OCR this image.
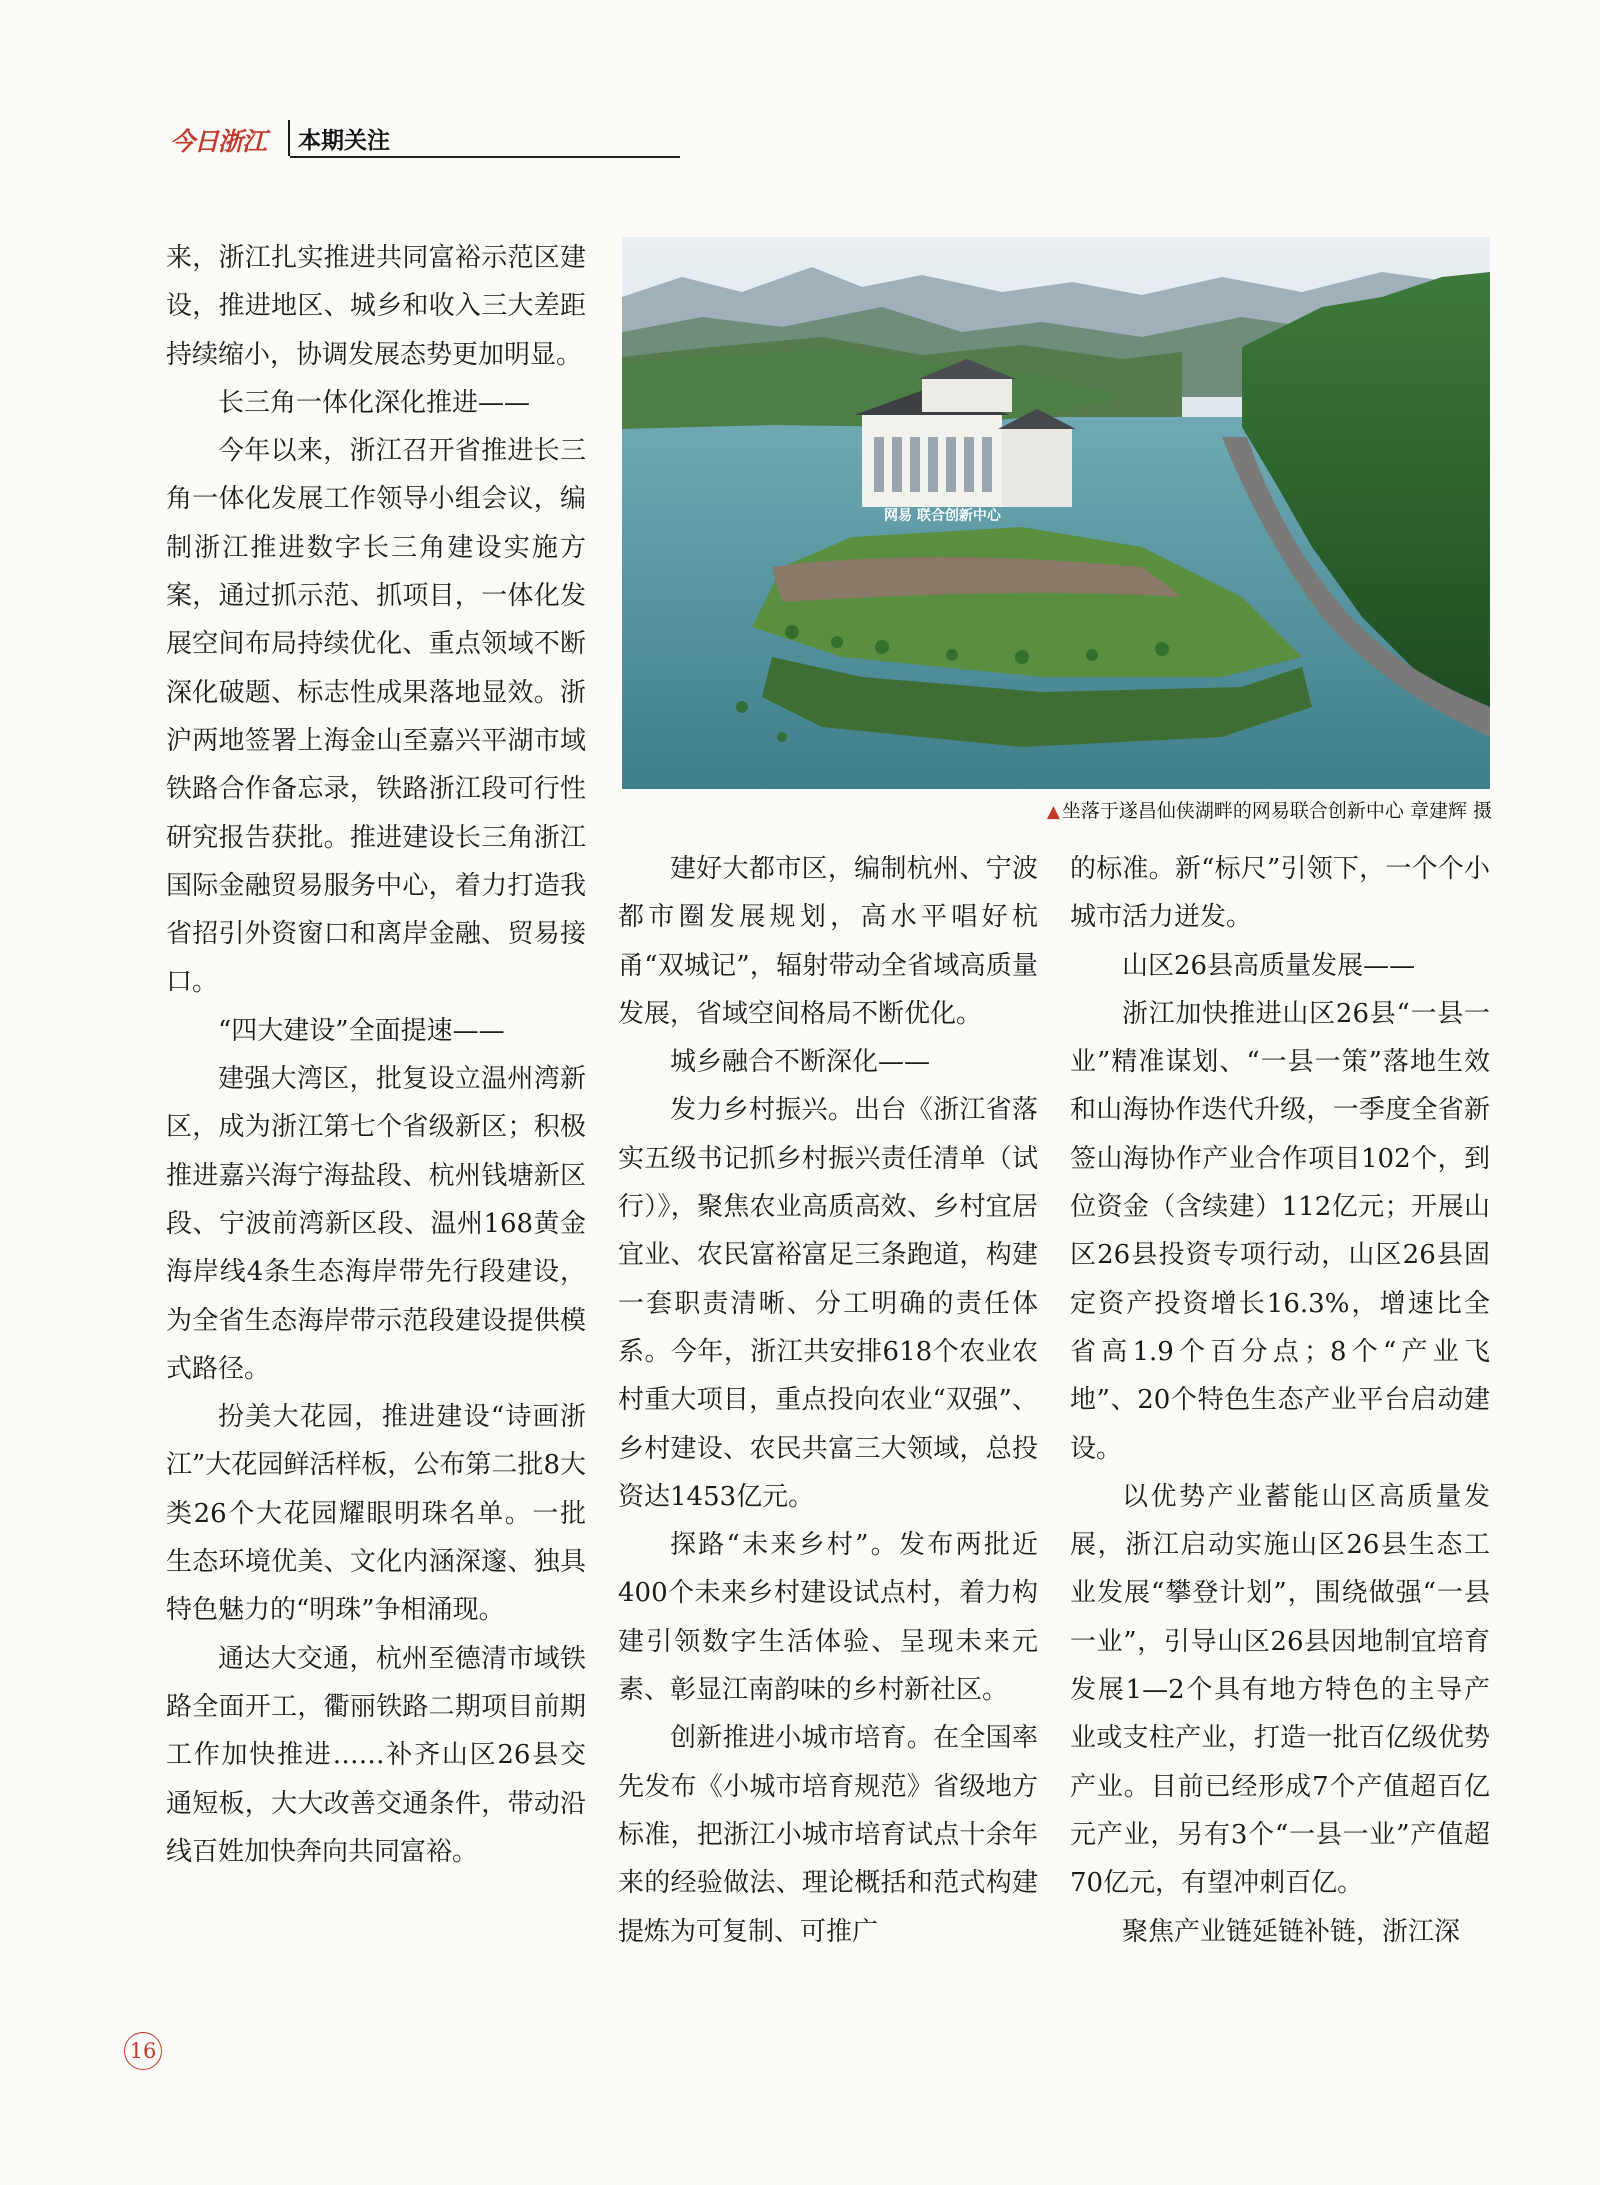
今日浙江	本期关注

来，浙江扎实推进共同富裕示范区建设，推进地区、城乡和收入三大差距持续缩小，协调发展态势更加明显。

长三角一体化深化推进——

今年以来，浙江召开省推进长三角一体化发展工作领导小组会议，编制浙江推进数字长三角建设实施方案，通过抓示范、抓项目，一体化发展空间布局持续优化、重点领域不断深化破题、标志性成果落地显效。浙沪两地签署上海金山至嘉兴平湖市域铁路合作备忘录，铁路浙江段可行性研究报告获批。推进建设长三角浙江国际金融贸易服务中心，着力打造我省招引外资窗口和离岸金融、贸易接口。

“四大建设”全面提速——

建强大湾区，批复设立温州湾新区，成为浙江第七个省级新区；积极推进嘉兴海宁海盐段、杭州钱塘新区段、宁波前湾新区段、温州168黄金海岸线4条生态海岸带先行段建设，为全省生态海岸带示范段建设提供模式路径。

扮美大花园，推进建设“诗画浙江”大花园鲜活样板，公布第二批8大类26个大花园耀眼明珠名单。一批生态环境优美、文化内涵深邃、独具特色魅力的“明珠”争相涌现。

通达大交通，杭州至德清市域铁路全面开工，衢丽铁路二期项目前期工作加快推进……补齐山区26县交通短板，大大改善交通条件，带动沿线百姓加快奔向共同富裕。

网易 联合创新中心
▲ 坐落于遂昌仙侠湖畔的网易联合创新中心 章建辉 摄

建好大都市区，编制杭州、宁波都市圈发展规划，高水平唱好杭甬“双城记”，辐射带动全省域高质量发展，省域空间格局不断优化。

城乡融合不断深化——

发力乡村振兴。出台《浙江省落实五级书记抓乡村振兴责任清单（试行）》，聚焦农业高质高效、乡村宜居宜业、农民富裕富足三条跑道，构建一套职责清晰、分工明确的责任体系。今年，浙江共安排618个农业农村重大项目，重点投向农业“双强”、乡村建设、农民共富三大领域，总投资达1453亿元。

探路“未来乡村”。发布两批近400个未来乡村建设试点村，着力构建引领数字生活体验、呈现未来元素、彰显江南韵味的乡村新社区。

创新推进小城市培育。在全国率先发布《小城市培育规范》省级地方标准，把浙江小城市培育试点十余年来的经验做法、理论概括和范式构建提炼为可复制、可推广

的标准。新“标尺”引领下，一个个小城市活力迸发。

山区26县高质量发展——

浙江加快推进山区26县“一县一业”精准谋划、“一县一策”落地生效和山海协作迭代升级，一季度全省新签山海协作产业合作项目102个，到位资金（含续建）112亿元；开展山区26县投资专项行动，山区26县固定资产投资增长16.3%，增速比全省高1.9个百分点；8个“产业飞地”、20个特色生态产业平台启动建设。

以优势产业蓄能山区高质量发展，浙江启动实施山区26县生态工业发展“攀登计划”，围绕做强“一县一业”，引导山区26县因地制宜培育发展1—2个具有地方特色的主导产业或支柱产业，打造一批百亿级优势产业。目前已经形成7个产值超百亿元产业，另有3个“一县一业”产值超70亿元，有望冲刺百亿。

聚焦产业链延链补链，浙江深

16
